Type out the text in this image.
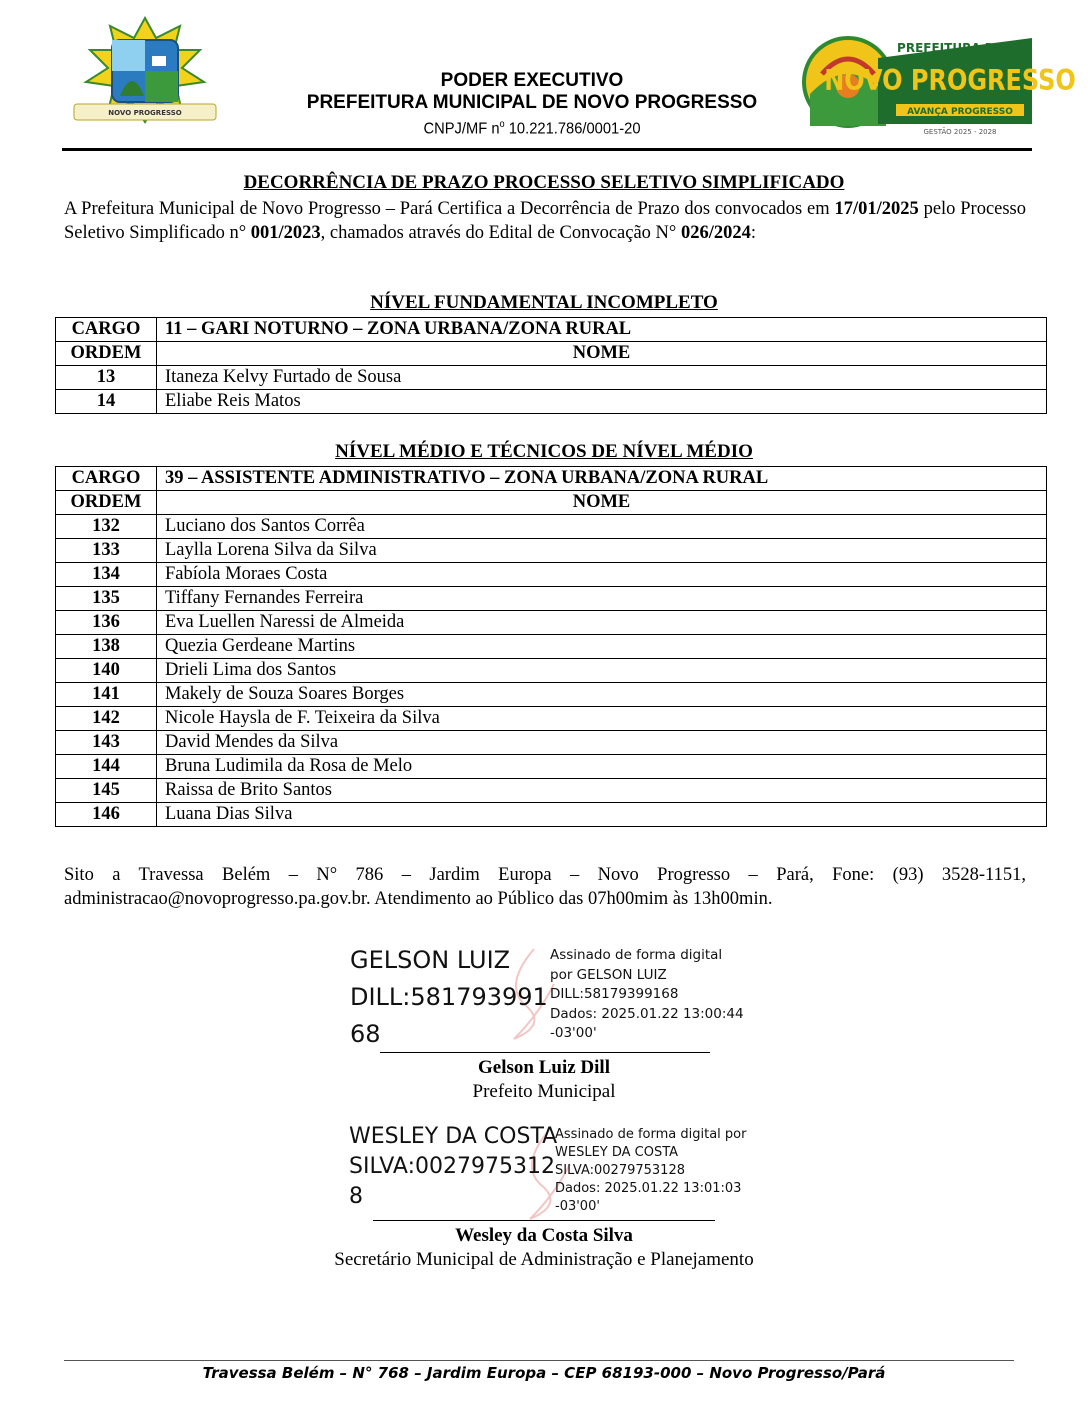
NOVO PROGRESSO
PODER EXECUTIVO
PREFEITURA MUNICIPAL DE NOVO PROGRESSO
CNPJ/MF $n^o$ 10.221.786/0001-20
PREFEITURA DE
NOVO PROGRESSO
AVANÇA PROGRESSO
GESTÃO 2025 - 2028
DECORRÊNCIA DE PRAZO PROCESSO SELETIVO SIMPLIFICADO
A Prefeitura Municipal de Novo Progresso – Pará Certifica a Decorrência de Prazo dos convocados em 17/01/2025 pelo Processo Seletivo Simplificado n° 001/2023, chamados através do Edital de Convocação N° 026/2024:
NÍVEL FUNDAMENTAL INCOMPLETO
CARGO	11 – GARI NOTURNO – ZONA URBANA/ZONA RURAL
ORDEM	NOME
13	Itaneza Kelvy Furtado de Sousa
14	Eliabe Reis Matos
NÍVEL MÉDIO E TÉCNICOS DE NÍVEL MÉDIO
CARGO	39 – ASSISTENTE ADMINISTRATIVO – ZONA URBANA/ZONA RURAL
ORDEM	NOME
132	Luciano dos Santos Corrêa
133	Laylla Lorena Silva da Silva
134	Fabíola Moraes Costa
135	Tiffany Fernandes Ferreira
136	Eva Luellen Naressi de Almeida
138	Quezia Gerdeane Martins
140	Drieli Lima dos Santos
141	Makely de Souza Soares Borges
142	Nicole Haysla de F. Teixeira da Silva
143	David Mendes da Silva
144	Bruna Ludimila da Rosa de Melo
145	Raissa de Brito Santos
146	Luana Dias Silva
Sito a Travessa Belém – N° 786 – Jardim Europa – Novo Progresso – Pará, Fone: (93) 3528-1151, administracao@novoprogresso.pa.gov.br. Atendimento ao Público das 07h00mim às 13h00min.
GELSON LUIZ
DILL:581793991
68
Assinado de forma digital
por GELSON LUIZ
DILL:58179399168
Dados: 2025.01.22 13:00:44
-03'00'
Gelson Luiz Dill
Prefeito Municipal
WESLEY DA COSTA
SILVA:0027975312
8
Assinado de forma digital por
WESLEY DA COSTA
SILVA:00279753128
Dados: 2025.01.22 13:01:03
-03'00'
Wesley da Costa Silva
Secretário Municipal de Administração e Planejamento
Travessa Belém – N° 768 – Jardim Europa – CEP 68193-000 – Novo Progresso/Pará
